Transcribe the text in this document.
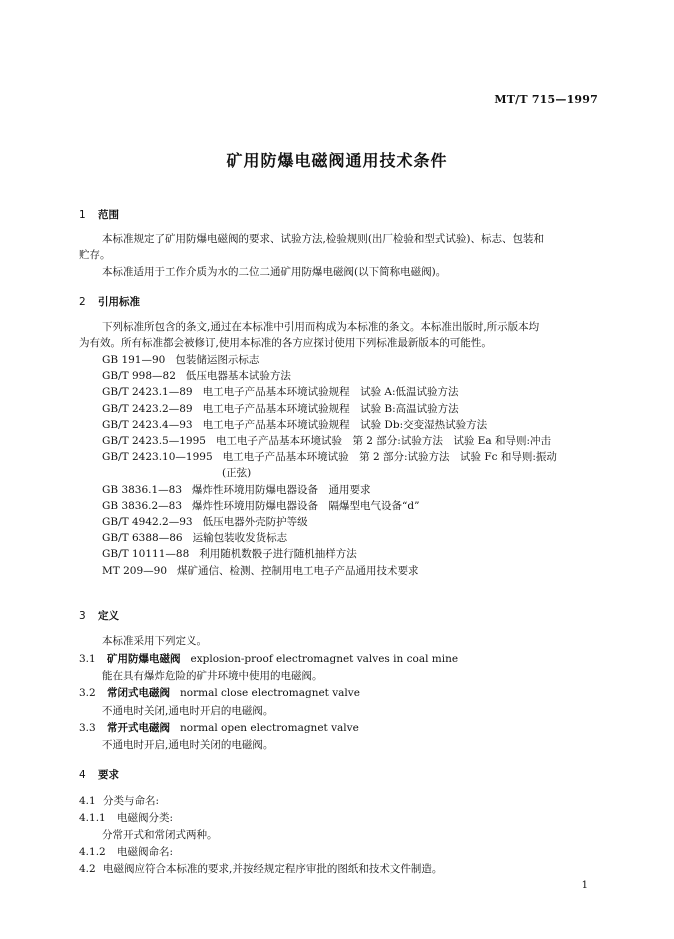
MT/T 715—1997
矿用防爆电磁阀通用技术条件
1 范围
本标准规定了矿用防爆电磁阀的要求、试验方法,检验规则(出厂检验和型式试验)、标志、包装和
贮存。
本标准适用于工作介质为水的二位二通矿用防爆电磁阀(以下简称电磁阀)。
2 引用标准
下列标准所包含的条文,通过在本标准中引用而构成为本标准的条文。本标准出版时,所示版本均
为有效。所有标准都会被修订,使用本标准的各方应探讨使用下列标准最新版本的可能性。
GB 191—90 包装储运图示标志
GB/T 998—82 低压电器基本试验方法
GB/T 2423.1—89 电工电子产品基本环境试验规程　试验 A:低温试验方法
GB/T 2423.2—89 电工电子产品基本环境试验规程　试验 B:高温试验方法
GB/T 2423.4—93 电工电子产品基本环境试验规程　试验 Db:交变湿热试验方法
GB/T 2423.5—1995 电工电子产品基本环境试验　第 2 部分:试验方法　试验 Ea 和导则:冲击
GB/T 2423.10—1995 电工电子产品基本环境试验　第 2 部分:试验方法　试验 Fc 和导则:振动
(正弦)
GB 3836.1—83 爆炸性环境用防爆电器设备　通用要求
GB 3836.2—83 爆炸性环境用防爆电器设备　隔爆型电气设备“d”
GB/T 4942.2—93 低压电器外壳防护等级
GB/T 6388—86 运输包装收发货标志
GB/T 10111—88 利用随机数骰子进行随机抽样方法
MT 209—90 煤矿通信、检测、控制用电工电子产品通用技术要求
3 定义
本标准采用下列定义。
3.1 矿用防爆电磁阀 explosion-proof electromagnet valves in coal mine
能在具有爆炸危险的矿井环境中使用的电磁阀。
3.2 常闭式电磁阀 normal close electromagnet valve
不通电时关闭,通电时开启的电磁阀。
3.3 常开式电磁阀 normal open electromagnet valve
不通电时开启,通电时关闭的电磁阀。
4 要求
4.1 分类与命名:
4.1.1 电磁阀分类:
分常开式和常闭式两种。
4.1.2 电磁阀命名:
4.2 电磁阀应符合本标准的要求,并按经规定程序审批的图纸和技术文件制造。
1
